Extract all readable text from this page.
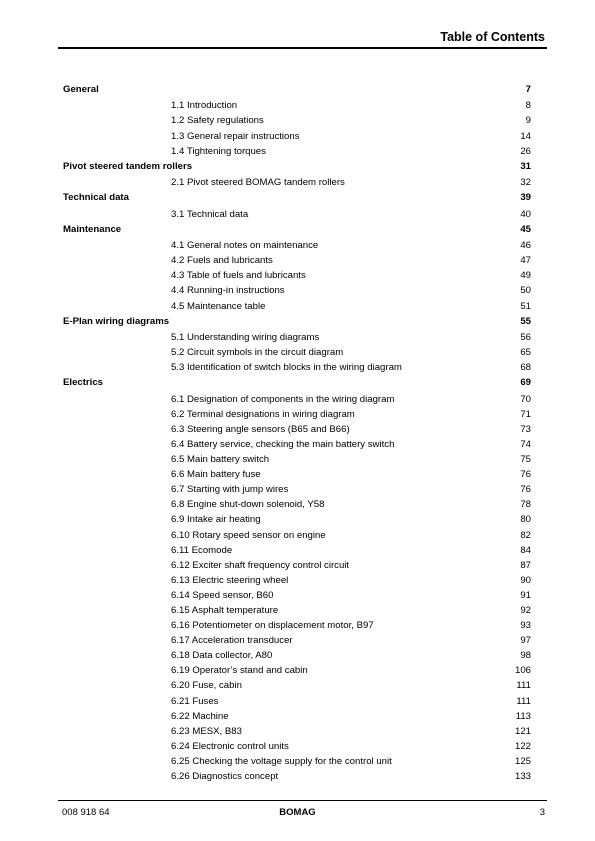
Table of Contents
General	7
1.1 Introduction	8
1.2 Safety regulations	9
1.3 General repair instructions	14
1.4 Tightening torques	26
Pivot steered tandem rollers	31
2.1 Pivot steered BOMAG tandem rollers	32
Technical data	39
3.1 Technical data	40
Maintenance	45
4.1 General notes on maintenance	46
4.2 Fuels and lubricants	47
4.3 Table of fuels and lubricants	49
4.4 Running-in instructions	50
4.5 Maintenance table	51
E-Plan wiring diagrams	55
5.1 Understanding wiring diagrams	56
5.2 Circuit symbols in the circuit diagram	65
5.3 Identification of switch blocks in the wiring diagram	68
Electrics	69
6.1 Designation of components in the wiring diagram	70
6.2 Terminal designations in wiring diagram	71
6.3 Steering angle sensors (B65 and B66)	73
6.4 Battery service, checking the main battery switch	74
6.5 Main battery switch	75
6.6 Main battery fuse	76
6.7 Starting with jump wires	76
6.8 Engine shut-down solenoid, Y58	78
6.9 Intake air heating	80
6.10 Rotary speed sensor on engine	82
6.11 Ecomode	84
6.12 Exciter shaft frequency control circuit	87
6.13 Electric steering wheel	90
6.14 Speed sensor, B60	91
6.15 Asphalt temperature	92
6.16 Potentiometer on displacement motor, B97	93
6.17 Acceleration transducer	97
6.18 Data collector, A80	98
6.19 Operator’s stand and cabin	106
6.20 Fuse, cabin	111
6.21 Fuses	111
6.22 Machine	113
6.23 MESX, B83	121
6.24 Electronic control units	122
6.25 Checking the voltage supply for the control unit	125
6.26 Diagnostics concept	133
008 918 64	BOMAG	3
